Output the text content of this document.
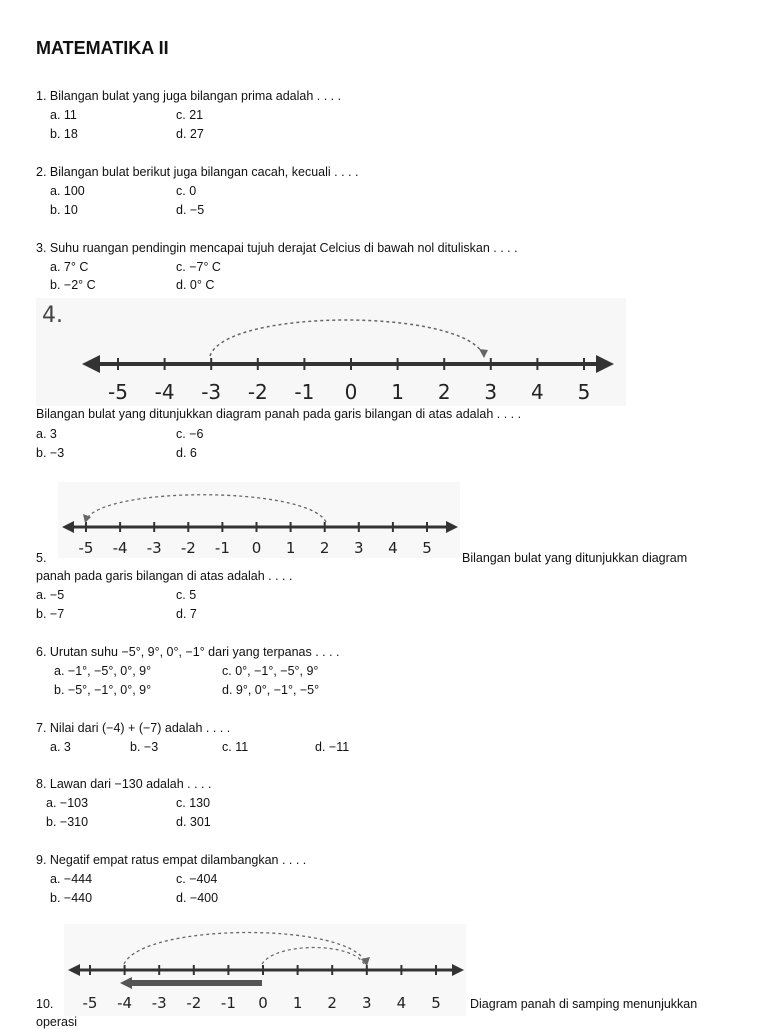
MATEMATIKA II
1. Bilangan bulat yang juga bilangan prima adalah . . . .
a. 11	c. 21
b. 18	d. 27
2. Bilangan bulat berikut juga bilangan cacah, kecuali . . . .
a. 100	c. 0
b. 10	d. −5
3. Suhu ruangan pendingin mencapai tujuh derajat Celcius di bawah nol dituliskan . . . .
a. 7° C	c. −7° C
b. −2° C	d. 0° C
4.
-5 -4 -3 -2 -1 0 1 2 3 4 5
Bilangan bulat yang ditunjukkan diagram panah pada garis bilangan di atas adalah . . . .
a. 3	c. −6
b. −3	d. 6
-5 -4 -3 -2 -1 0 1 2 3 4 5
5.	Bilangan bulat yang ditunjukkan diagram
panah pada garis bilangan di atas adalah . . . .
a. −5	c. 5
b. −7	d. 7
6. Urutan suhu −5°, 9°, 0°, −1° dari yang terpanas . . . .
a. −1°, −5°, 0°, 9°	c. 0°, −1°, −5°, 9°
b. −5°, −1°, 0°, 9°	d. 9°, 0°, −1°, −5°
7. Nilai dari (−4) + (−7) adalah . . . .
a. 3	b. −3	c. 11	d. −11
8. Lawan dari −130 adalah . . . .
a. −103	c. 130
b. −310	d. 301
9. Negatif empat ratus empat dilambangkan . . . .
a. −444	c. −404
b. −440	d. −400
-5 -4 -3 -2 -1 0 1 2 3 4 5
10.	Diagram panah di samping menunjukkan
operasi
